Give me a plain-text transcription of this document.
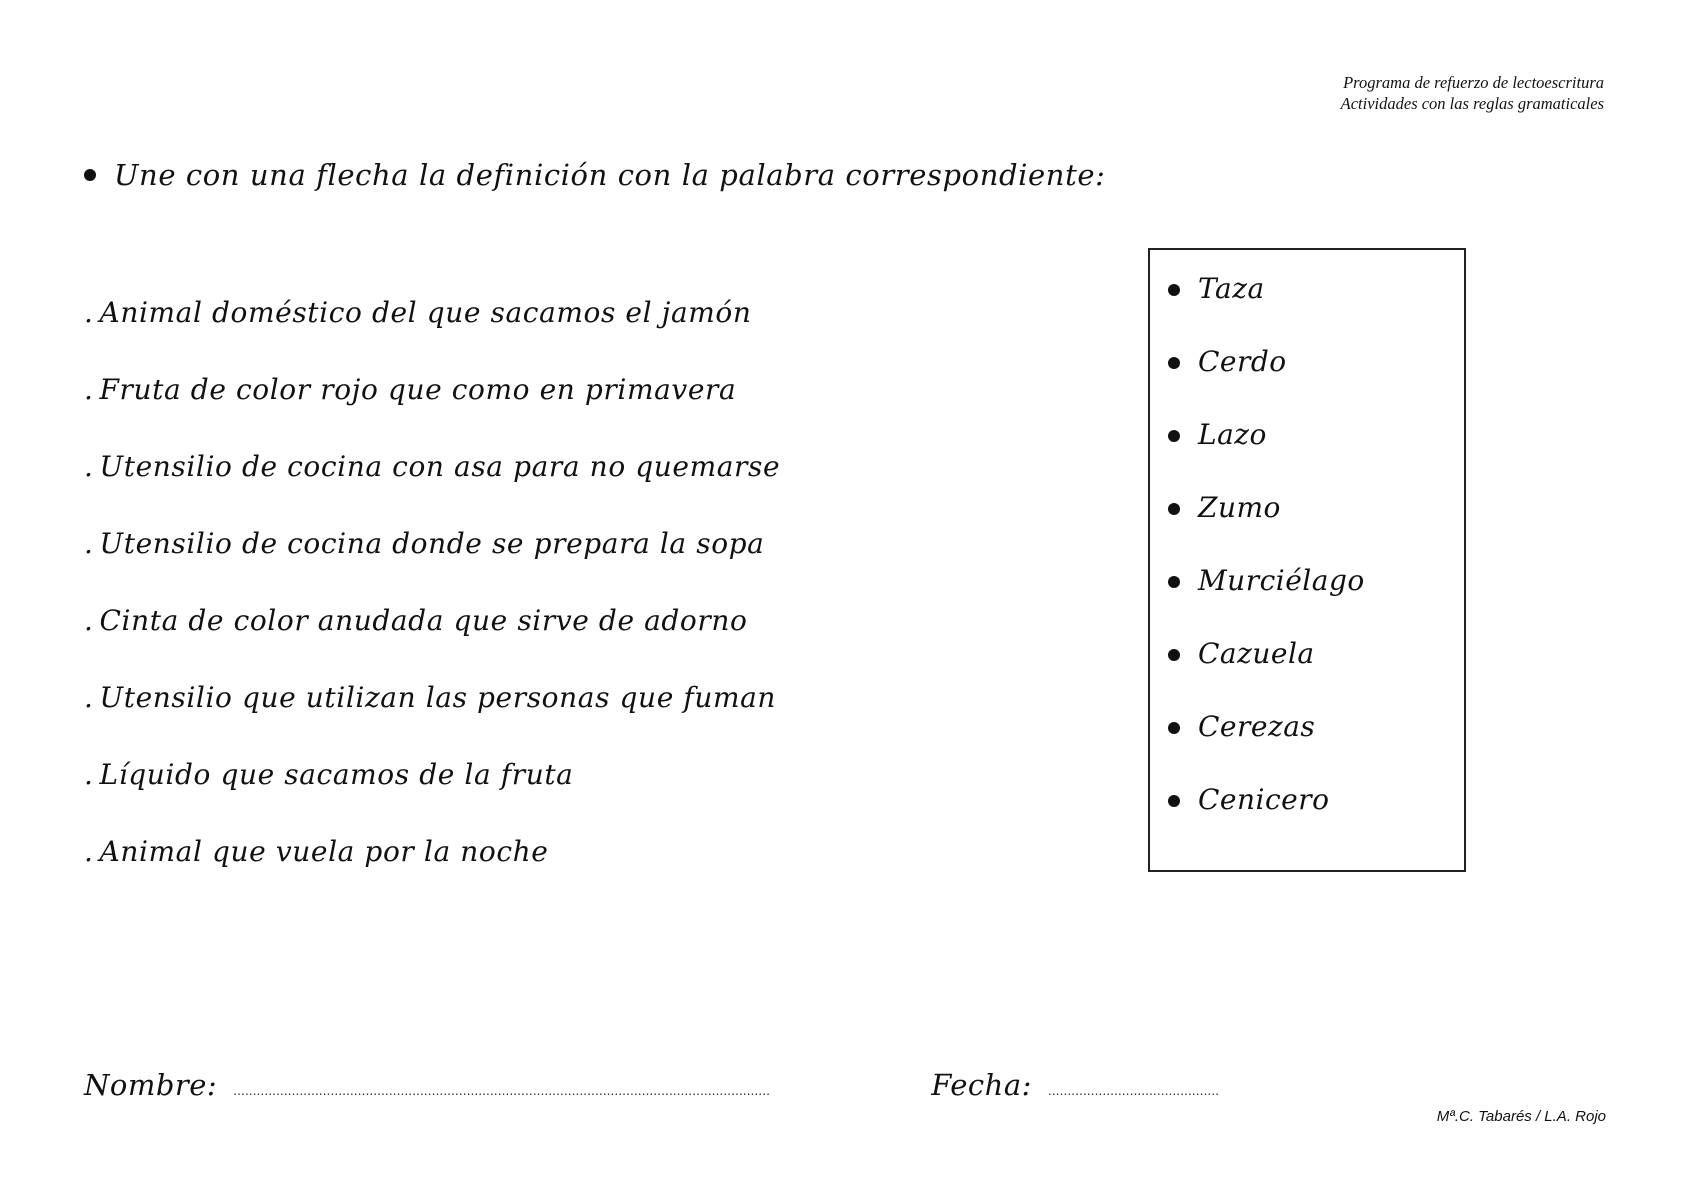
Programa de refuerzo de lectoescritura
Actividades con las reglas gramaticales
Une con una flecha la definición con la palabra correspondiente:
. Animal doméstico del que sacamos el jamón
. Fruta de color rojo que como en primavera
. Utensilio de cocina con asa para no quemarse
. Utensilio de cocina donde se prepara la sopa
. Cinta de color anudada que sirve de adorno
. Utensilio que utilizan las personas que fuman
. Líquido que sacamos de la fruta
. Animal que vuela por la noche
Taza
Cerdo
Lazo
Zumo
Murciélago
Cazuela
Cerezas
Cenicero
Nombre: ..........................................................................................................................................	Fecha: ............................................
Mª.C. Tabarés / L.A. Rojo
